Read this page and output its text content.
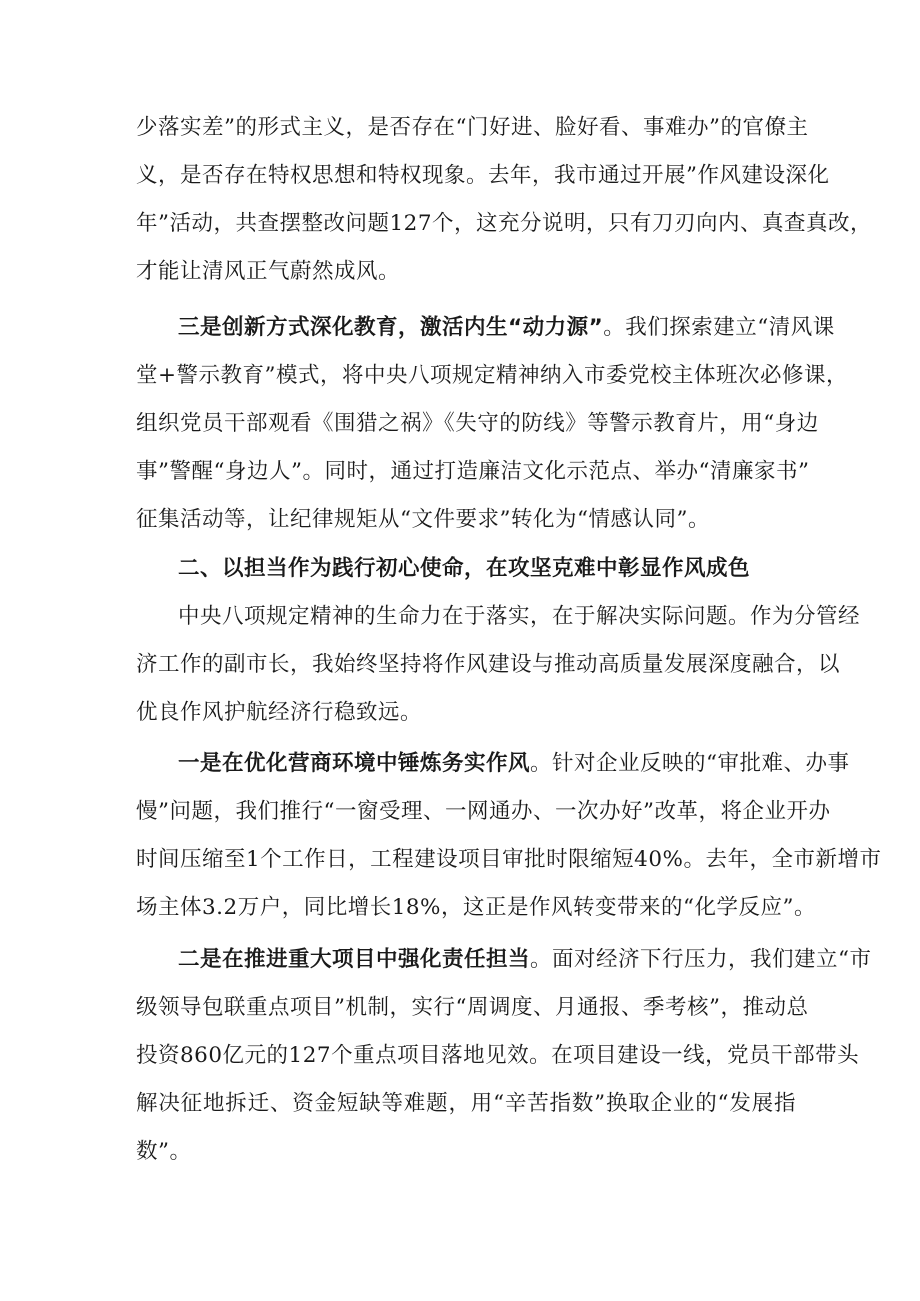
少落实差”的形式主义，是否存在“门好进、脸好看、事难办”的官僚主
义，是否存在特权思想和特权现象。去年，我市通过开展”作风建设深化
年”活动，共查摆整改问题127个，这充分说明，只有刀刃向内、真查真改，
才能让清风正气蔚然成风。
三是创新方式深化教育，激活内生“动力源”。我们探索建立“清风课
堂+警示教育”模式，将中央八项规定精神纳入市委党校主体班次必修课，
组织党员干部观看《围猎之祸》《失守的防线》等警示教育片，用“身边
事”警醒“身边人”。同时，通过打造廉洁文化示范点、举办“清廉家书”
征集活动等，让纪律规矩从“文件要求”转化为“情感认同”。
二、以担当作为践行初心使命，在攻坚克难中彰显作风成色
中央八项规定精神的生命力在于落实，在于解决实际问题。作为分管经
济工作的副市长，我始终坚持将作风建设与推动高质量发展深度融合，以
优良作风护航经济行稳致远。
一是在优化营商环境中锤炼务实作风。针对企业反映的“审批难、办事
慢”问题，我们推行“一窗受理、一网通办、一次办好”改革，将企业开办
时间压缩至1个工作日，工程建设项目审批时限缩短40%。去年，全市新增市
场主体3.2万户，同比增长18%，这正是作风转变带来的“化学反应”。
二是在推进重大项目中强化责任担当。面对经济下行压力，我们建立“市
级领导包联重点项目”机制，实行“周调度、月通报、季考核”，推动总
投资860亿元的127个重点项目落地见效。在项目建设一线，党员干部带头
解决征地拆迁、资金短缺等难题，用“辛苦指数”换取企业的“发展指
数”。
